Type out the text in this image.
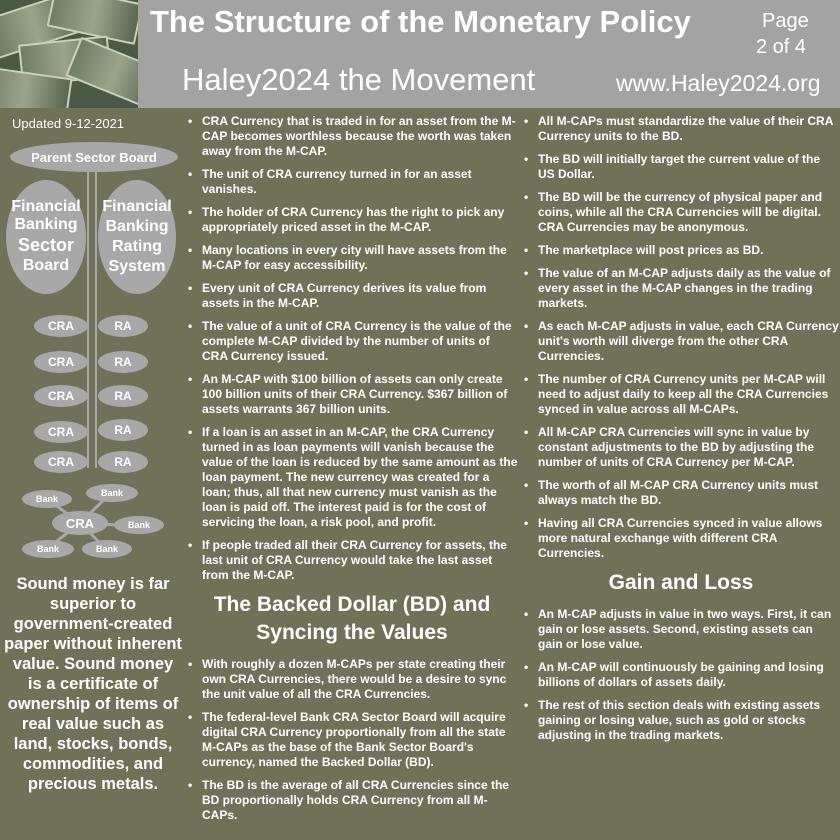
The Structure of the Monetary Policy	Page
2 of 4
Haley2024 the Movement	www.Haley2024.org
Updated 9-12-2021
Parent Sector Board
Financial
Banking
Sector
Board
Financial
Banking
Rating
System
CRA
CRA
CRA
CRA
CRA
RA
RA
RA
RA
RA
Bank
Bank
CRA	Bank
Bank	Bank
Sound money is far superior to government-created paper without inherent value. Sound money is a certificate of ownership of items of real value such as land, stocks, bonds, commodities, and precious metals.
• CRA Currency that is traded in for an asset from the M-CAP becomes worthless because the worth was taken away from the M-CAP.
• The unit of CRA currency turned in for an asset vanishes.
• The holder of CRA Currency has the right to pick any appropriately priced asset in the M-CAP.
• Many locations in every city will have assets from the M-CAP for easy accessibility.
• Every unit of CRA Currency derives its value from assets in the M-CAP.
• The value of a unit of CRA Currency is the value of the complete M-CAP divided by the number of units of CRA Currency issued.
• An M-CAP with $100 billion of assets can only create 100 billion units of their CRA Currency. $367 billion of assets warrants 367 billion units.
• If a loan is an asset in an M-CAP, the CRA Currency turned in as loan payments will vanish because the value of the loan is reduced by the same amount as the loan payment. The new currency was created for a loan; thus, all that new currency must vanish as the loan is paid off. The interest paid is for the cost of servicing the loan, a risk pool, and profit.
• If people traded all their CRA Currency for assets, the last unit of CRA Currency would take the last asset from the M-CAP.
The Backed Dollar (BD) and Syncing the Values
• With roughly a dozen M-CAPs per state creating their own CRA Currencies, there would be a desire to sync the unit value of all the CRA Currencies.
• The federal-level Bank CRA Sector Board will acquire digital CRA Currency proportionally from all the state M-CAPs as the base of the Bank Sector Board's currency, named the Backed Dollar (BD).
• The BD is the average of all CRA Currencies since the BD proportionally holds CRA Currency from all M-CAPs.
• All M-CAPs must standardize the value of their CRA Currency units to the BD.
• The BD will initially target the current value of the US Dollar.
• The BD will be the currency of physical paper and coins, while all the CRA Currencies will be digital. CRA Currencies may be anonymous.
• The marketplace will post prices as BD.
• The value of an M-CAP adjusts daily as the value of every asset in the M-CAP changes in the trading markets.
• As each M-CAP adjusts in value, each CRA Currency unit's worth will diverge from the other CRA Currencies.
• The number of CRA Currency units per M-CAP will need to adjust daily to keep all the CRA Currencies synced in value across all M-CAPs.
• All M-CAP CRA Currencies will sync in value by constant adjustments to the BD by adjusting the number of units of CRA Currency per M-CAP.
• The worth of all M-CAP CRA Currency units must always match the BD.
• Having all CRA Currencies synced in value allows more natural exchange with different CRA Currencies.
Gain and Loss
• An M-CAP adjusts in value in two ways. First, it can gain or lose assets. Second, existing assets can gain or lose value.
• An M-CAP will continuously be gaining and losing billions of dollars of assets daily.
• The rest of this section deals with existing assets gaining or losing value, such as gold or stocks adjusting in the trading markets.
